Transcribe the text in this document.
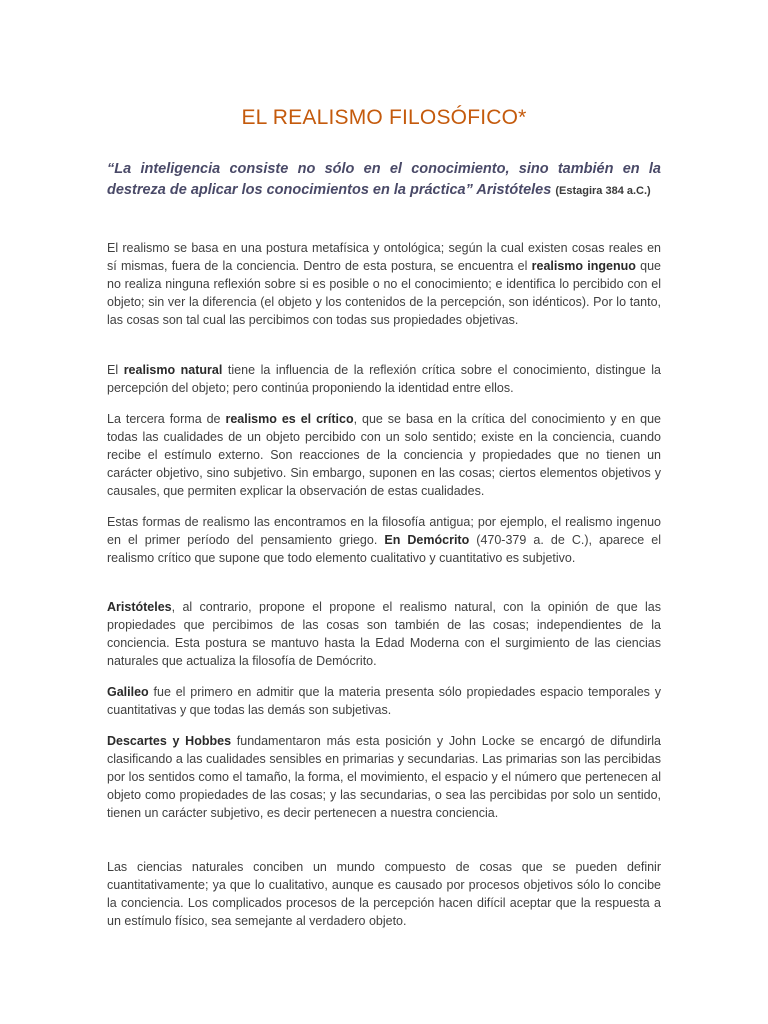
EL REALISMO FILOSÓFICO*
“La inteligencia consiste no sólo en el conocimiento, sino también en la destreza de aplicar los conocimientos en la práctica” Aristóteles (Estagira 384 a.C.)

El realismo se basa en una postura metafísica y ontológica; según la cual existen cosas reales en sí mismas, fuera de la conciencia. Dentro de esta postura, se encuentra el realismo ingenuo que no realiza ninguna reflexión sobre si es posible o no el conocimiento; e identifica lo percibido con el objeto; sin ver la diferencia (el objeto y los contenidos de la percepción, son idénticos). Por lo tanto, las cosas son tal cual las percibimos con todas sus propiedades objetivas.

El realismo natural tiene la influencia de la reflexión crítica sobre el conocimiento, distingue la percepción del objeto; pero continúa proponiendo la identidad entre ellos.

La tercera forma de realismo es el crítico, que se basa en la crítica del conocimiento y en que todas las cualidades de un objeto percibido con un solo sentido; existe en la conciencia, cuando recibe el estímulo externo. Son reacciones de la conciencia y propiedades que no tienen un carácter objetivo, sino subjetivo. Sin embargo, suponen en las cosas; ciertos elementos objetivos y causales, que permiten explicar la observación de estas cualidades.

Estas formas de realismo las encontramos en la filosofía antigua; por ejemplo, el realismo ingenuo en el primer período del pensamiento griego. En Demócrito (470-379 a. de C.), aparece el realismo crítico que supone que todo elemento cualitativo y cuantitativo es subjetivo.

Aristóteles, al contrario, propone el propone el realismo natural, con la opinión de que las propiedades que percibimos de las cosas son también de las cosas; independientes de la conciencia. Esta postura se mantuvo hasta la Edad Moderna con el surgimiento de las ciencias naturales que actualiza la filosofía de Demócrito.

Galileo fue el primero en admitir que la materia presenta sólo propiedades espacio temporales y cuantitativas y que todas las demás son subjetivas.

Descartes y Hobbes fundamentaron más esta posición y John Locke se encargó de difundirla clasificando a las cualidades sensibles en primarias y secundarias. Las primarias son las percibidas por los sentidos como el tamaño, la forma, el movimiento, el espacio y el número que pertenecen al objeto como propiedades de las cosas; y las secundarias, o sea las percibidas por solo un sentido, tienen un carácter subjetivo, es decir pertenecen a nuestra conciencia.

Las ciencias naturales conciben un mundo compuesto de cosas que se pueden definir cuantitativamente; ya que lo cualitativo, aunque es causado por procesos objetivos sólo lo concibe la conciencia. Los complicados procesos de la percepción hacen difícil aceptar que la respuesta a un estímulo físico, sea semejante al verdadero objeto.
